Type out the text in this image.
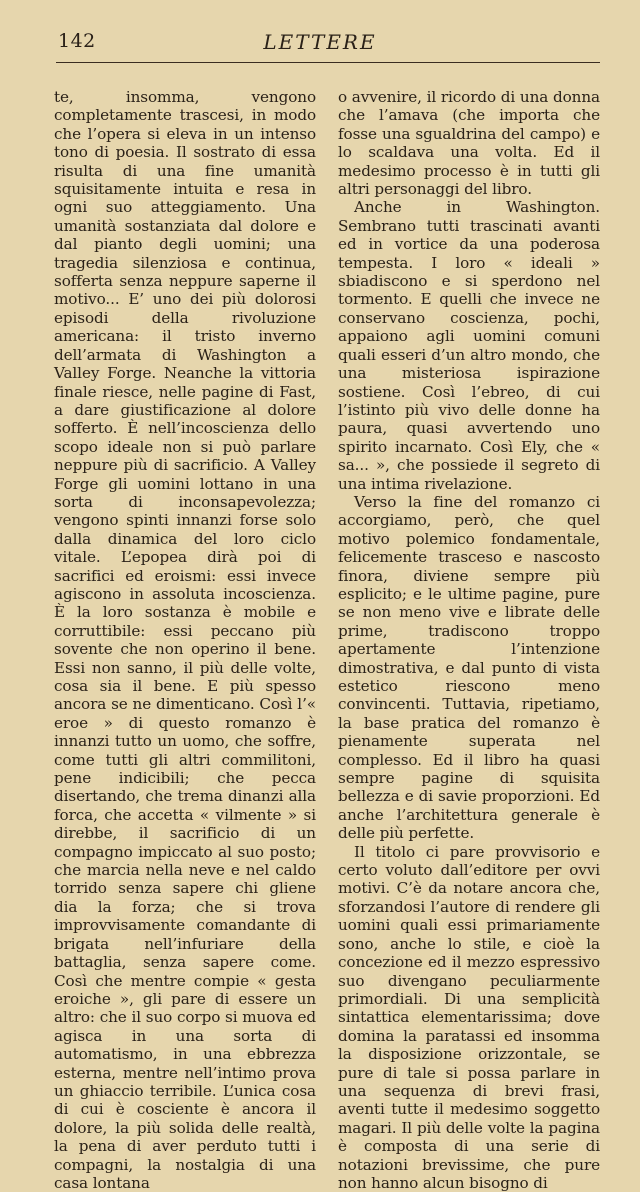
142	LETTERE

te, insomma, vengono completamente trascesi, in modo che l’opera si eleva in un intenso tono di poesia. Il sostrato di essa risulta di una fine umanità squisitamente intuita e resa in ogni suo atteggiamento. Una umanità sostanziata dal dolore e dal pianto degli uomini; una tragedia silenziosa e continua, sofferta senza neppure saperne il motivo... E’ uno dei più dolorosi episodi della rivoluzione americana: il tristo inverno dell’armata di Washington a Valley Forge. Neanche la vittoria finale riesce, nelle pagine di Fast, a dare giustificazione al dolore sofferto. È nell’incoscienza dello scopo ideale non si può parlare neppure più di sacrificio. A Valley Forge gli uomini lottano in una sorta di inconsapevolezza; vengono spinti innanzi forse solo dalla dinamica del loro ciclo vitale. L’epopea dirà poi di sacrifici ed eroismi: essi invece agiscono in assoluta incoscienza. È la loro sostanza è mobile e corruttibile: essi peccano più sovente che non operino il bene. Essi non sanno, il più delle volte, cosa sia il bene. E più spesso ancora se ne dimenticano. Così l’« eroe » di questo romanzo è innanzi tutto un uomo, che soffre, come tutti gli altri commilitoni, pene indicibili; che pecca disertando, che trema dinanzi alla forca, che accetta « vilmente » si direbbe, il sacrificio di un compagno impiccato al suo posto; che marcia nella neve e nel caldo torrido senza sapere chi gliene dia la forza; che si trova improvvisamente comandante di brigata nell’infuriare della battaglia, senza sapere come. Così che mentre compie « gesta eroiche », gli pare di essere un altro: che il suo corpo si muova ed agisca in una sorta di automatismo, in una ebbrezza esterna, mentre nell’intimo prova un ghiaccio terribile. L’unica cosa di cui è cosciente è ancora il dolore, la più solida delle realtà, la pena di aver perduto tutti i compagni, la nostalgia di una casa lontana

o avvenire, il ricordo di una donna che l’amava (che importa che fosse una sgualdrina del campo) e lo scaldava una volta. Ed il medesimo processo è in tutti gli altri personaggi del libro.

Anche in Washington. Sembrano tutti trascinati avanti ed in vortice da una poderosa tempesta. I loro « ideali » sbiadiscono e si sperdono nel tormento. E quelli che invece ne conservano coscienza, pochi, appaiono agli uomini comuni quali esseri d’un altro mondo, che una misteriosa ispirazione sostiene. Così l’ebreo, di cui l’istinto più vivo delle donne ha paura, quasi avvertendo uno spirito incarnato. Così Ely, che « sa... », che possiede il segreto di una intima rivelazione.

Verso la fine del romanzo ci accorgiamo, però, che quel motivo polemico fondamentale, felicemente trasceso e nascosto finora, diviene sempre più esplicito; e le ultime pagine, pure se non meno vive e librate delle prime, tradiscono troppo apertamente l’intenzione dimostrativa, e dal punto di vista estetico riescono meno convincenti. Tuttavia, ripetiamo, la base pratica del romanzo è pienamente superata nel complesso. Ed il libro ha quasi sempre pagine di squisita bellezza e di savie proporzioni. Ed anche l’architettura generale è delle più perfette.

Il titolo ci pare provvisorio e certo voluto dall’editore per ovvi motivi. C’è da notare ancora che, sforzandosi l’autore di rendere gli uomini quali essi primariamente sono, anche lo stile, e cioè la concezione ed il mezzo espressivo suo divengano peculiarmente primordiali. Di una semplicità sintattica elementarissima; dove domina la paratassi ed insomma la disposizione orizzontale, se pure di tale si possa parlare in una sequenza di brevi frasi, aventi tutte il medesimo soggetto magari. Il più delle volte la pagina è composta di una serie di notazioni brevissime, che pure non hanno alcun bisogno di
